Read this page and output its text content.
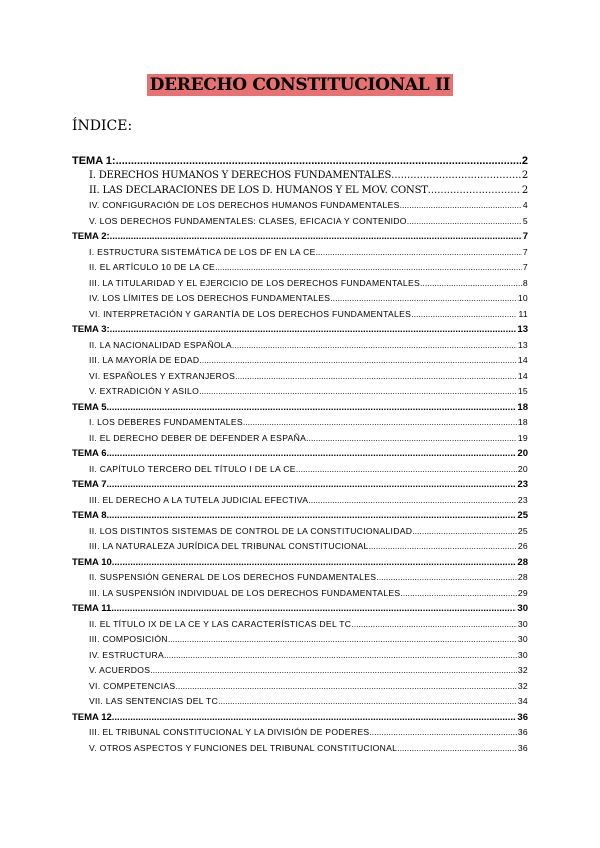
DERECHO CONSTITUCIONAL II
ÍNDICE:
TEMA 1: .....	2
I. DERECHOS HUMANOS Y DERECHOS FUNDAMENTALES .....	2
II. LAS DECLARACIONES DE LOS D. HUMANOS Y EL MOV. CONST .....	2
IV. CONFIGURACIÓN DE LOS DERECHOS HUMANOS FUNDAMENTALES .....	4
V. LOS DERECHOS FUNDAMENTALES: CLASES, EFICACIA Y CONTENIDO .....	5
TEMA 2: .....	7
I. ESTRUCTURA SISTEMÁTICA DE LOS DF EN LA CE .....	7
II. EL ARTÍCULO 10 DE LA CE .....	7
III. LA TITULARIDAD Y EL EJERCICIO DE LOS DERECHOS FUNDAMENTALES .....	8
IV. LOS LÍMITES DE LOS DERECHOS FUNDAMENTALES .....	10
VI. INTERPRETACIÓN Y GARANTÍA DE LOS DERECHOS FUNDAMENTALES .....	11
TEMA 3: .....	13
II. LA NACIONALIDAD ESPAÑOLA .....	13
III. LA MAYORÍA DE EDAD .....	14
VI. ESPAÑOLES Y EXTRANJEROS .....	14
V. EXTRADICIÓN Y ASILO .....	15
TEMA 5 .....	18
I. LOS DEBERES FUNDAMENTALES .....	18
II. EL DERECHO DEBER DE DEFENDER A ESPAÑA .....	19
TEMA 6 .....	20
II. CAPÍTULO TERCERO DEL TÍTULO I DE LA CE .....	20
TEMA 7 .....	23
III. EL DERECHO A LA TUTELA JUDICIAL EFECTIVA .....	23
TEMA 8 .....	25
II. LOS DISTINTOS SISTEMAS DE CONTROL DE LA CONSTITUCIONALIDAD .....	25
III. LA NATURALEZA JURÍDICA DEL TRIBUNAL CONSTITUCIONAL .....	26
TEMA 10 .....	28
II. SUSPENSIÓN GENERAL DE LOS DERECHOS FUNDAMENTALES .....	28
III. LA SUSPENSIÓN INDIVIDUAL DE LOS DERECHOS FUNDAMENTALES .....	29
TEMA 11 .....	30
II. EL TÍTULO IX DE LA CE Y LAS CARACTERÍSTICAS DEL TC .....	30
III. COMPOSICIÓN .....	30
IV. ESTRUCTURA .....	30
V. ACUERDOS .....	32
VI. COMPETENCIAS .....	32
VII. LAS SENTENCIAS DEL TC .....	34
TEMA 12 .....	36
III. EL TRIBUNAL CONSTITUCIONAL Y LA DIVISIÓN DE PODERES .....	36
V. OTROS ASPECTOS Y FUNCIONES DEL TRIBUNAL CONSTITUCIONAL .....	36
